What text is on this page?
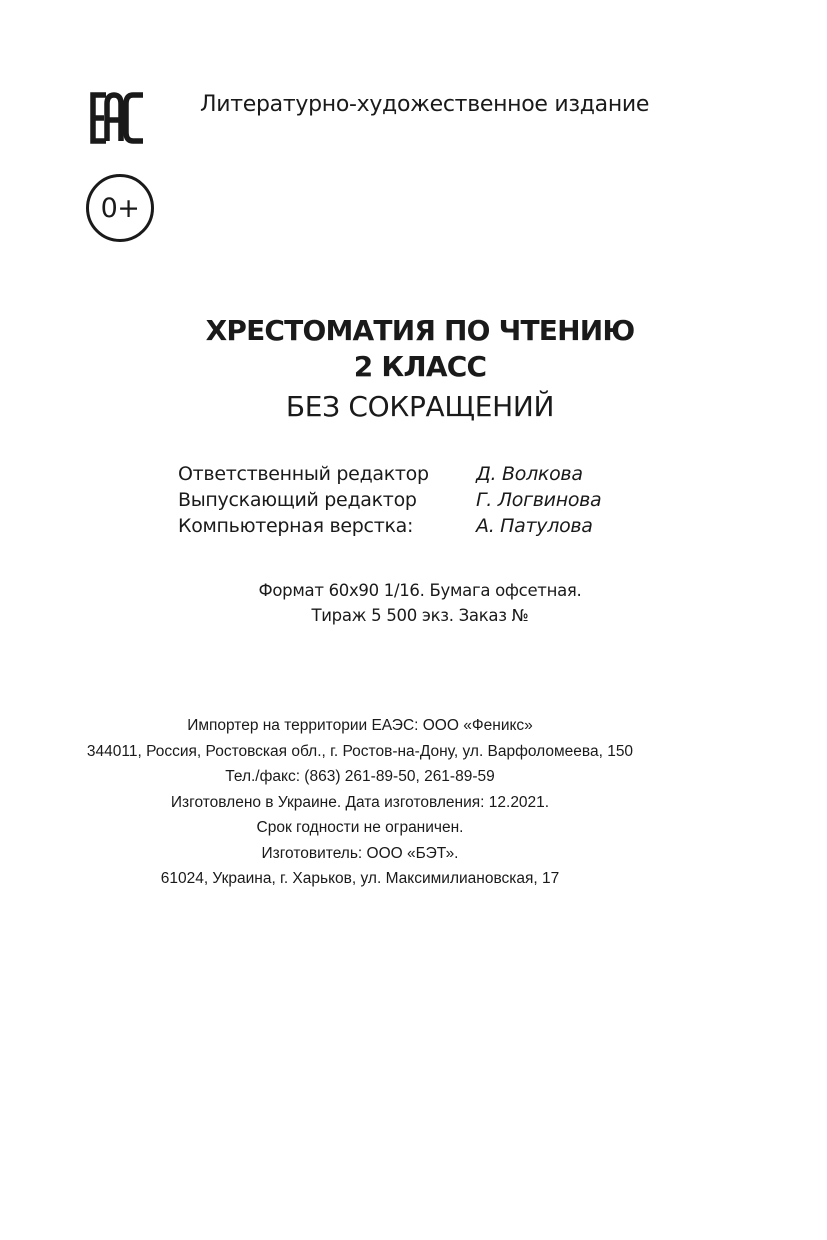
Литературно-художественное издание
0+
ХРЕСТОМАТИЯ ПО ЧТЕНИЮ
2 КЛАСС
БЕЗ СОКРАЩЕНИЙ
Ответственный редактор	Д. Волкова
Выпускающий редактор	Г. Логвинова
Компьютерная верстка:	А. Патулова
Формат 60x90 1/16. Бумага офсетная.
Тираж 5 500 экз. Заказ №
Импортер на территории ЕАЭС: ООО «Феникс»
344011, Россия, Ростовская обл., г. Ростов-на-Дону, ул. Варфоломеева, 150
Тел./факс: (863) 261-89-50, 261-89-59
Изготовлено в Украине. Дата изготовления: 12.2021.
Срок годности не ограничен.
Изготовитель: ООО «БЭТ».
61024, Украина, г. Харьков, ул. Максимилиановская, 17
